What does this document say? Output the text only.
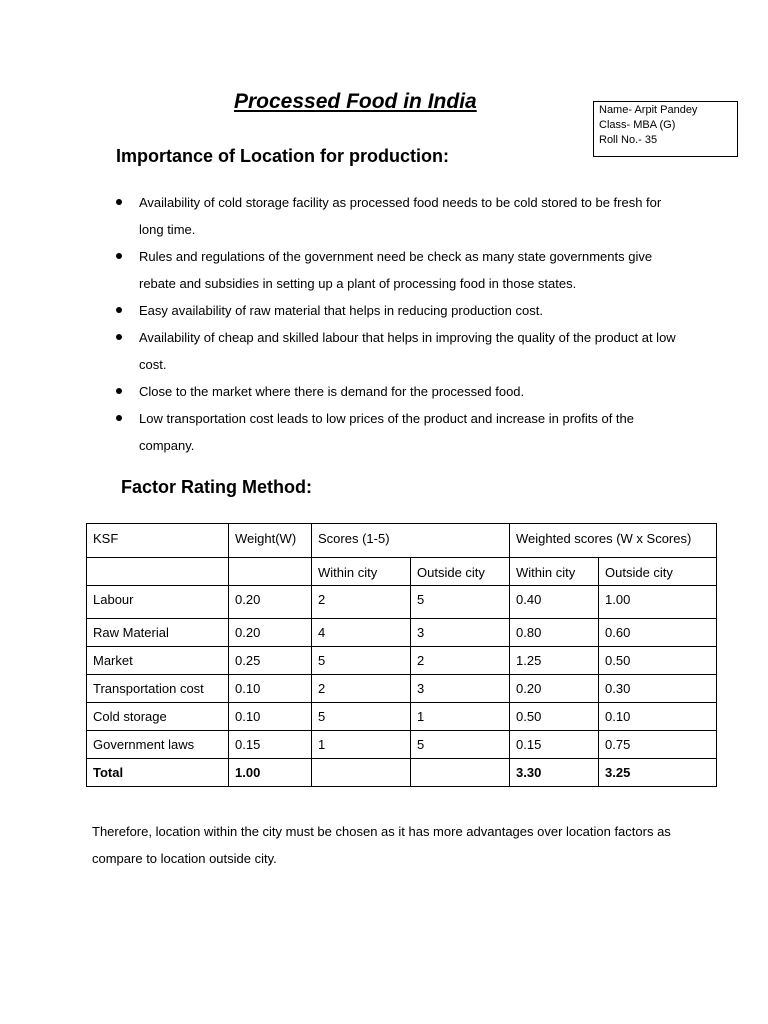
Processed Food in India	Name- Arpit Pandey
Class- MBA (G)
Roll No.- 35
Importance of Location for production:
Availability of cold storage facility as processed food needs to be cold stored to be fresh for long time.
Rules and regulations of the government need be check as many state governments give rebate and subsidies in setting up a plant of processing food in those states.
Easy availability of raw material that helps in reducing production cost.
Availability of cheap and skilled labour that helps in improving the quality of the product at low cost.
Close to the market where there is demand for the processed food.
Low transportation cost leads to low prices of the product and increase in profits of the company.
Factor Rating Method:
KSF	Weight(W)	Scores (1-5)		Weighted scores (W x Scores)	

		Within city	Outside city	Within city	Outside city

Labour	0.20	2	5	0.40	1.00

Raw Material	0.20	4	3	0.80	0.60

Market	0.25	5	2	1.25	0.50

Transportation cost	0.10	2	3	0.20	0.30

Cold storage	0.10	5	1	0.50	0.10

Government laws	0.15	1	5	0.15	0.75

Total	1.00			3.30	3.25
Therefore, location within the city must be chosen as it has more advantages over location factors as compare to location outside city.
